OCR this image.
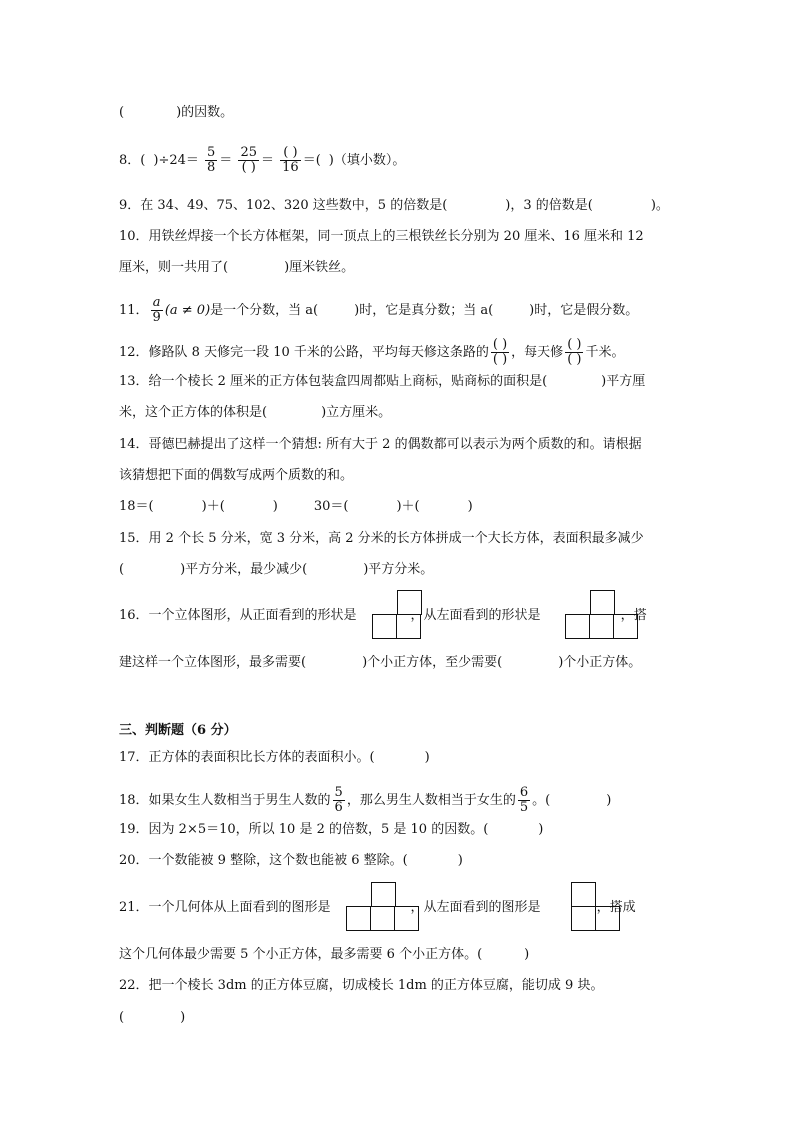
(	)的因数。
8．( )$\div 24= \frac{5}{8} = \frac{25}{( )} = \frac{( )}{16}$ ＝( )（填小数）。
9．在 34、49、75、102、320 这些数中，5 的倍数是(	)，3 的倍数是(	)。
10．用铁丝焊接一个长方体框架，同一顶点上的三根铁丝长分别为 20 厘米、16 厘米和 12
厘米，则一共用了(	)厘米铁丝。
11． $\frac{a}{9} (a \ne 0)$是一个分数，当 a(	)时，它是真分数；当 a(	)时，它是假分数。
12．修路队 8 天修完一段 10 千米的公路，平均每天修这条路的 $\frac{( )}{( )}$ ，每天修 $\frac{( )}{( )}$ 千米。
13．给一个棱长 2 厘米的正方体包装盒四周都贴上商标，贴商标的面积是(	)平方厘
米，这个正方体的体积是(	)立方厘米。
14．哥德巴赫提出了这样一个猜想: 所有大于 2 的偶数都可以表示为两个质数的和。请根据
该猜想把下面的偶数写成两个质数的和。
18＝(	)＋(	)	30＝(	)＋(	)
15．用 2 个长 5 分米，宽 3 分米，高 2 分米的长方体拼成一个大长方体，表面积最多减少
(	)平方分米，最少减少(	)平方分米。
16．一个立体图形，从正面看到的形状是	，从左面看到的形状是	，搭
建这样一个立体图形，最多需要(	)个小正方体，至少需要(	)个小正方体。
三、判断题（6 分）
17．正方体的表面积比长方体的表面积小。(	)
18．如果女生人数相当于男生人数的 $\frac{5}{6}$ ，那么男生人数相当于女生的 $\frac{6}{5}$ 。(	)
19．因为 2×5＝10，所以 10 是 2 的倍数，5 是 10 的因数。(	)
20．一个数能被 9 整除，这个数也能被 6 整除。(	)
21．一个几何体从上面看到的图形是	，从左面看到的图形是	，搭成
这个几何体最少需要 5 个小正方体，最多需要 6 个小正方体。(	)
22．把一个棱长 3dm 的正方体豆腐，切成棱长 1dm 的正方体豆腐，能切成 9 块。
(	)
